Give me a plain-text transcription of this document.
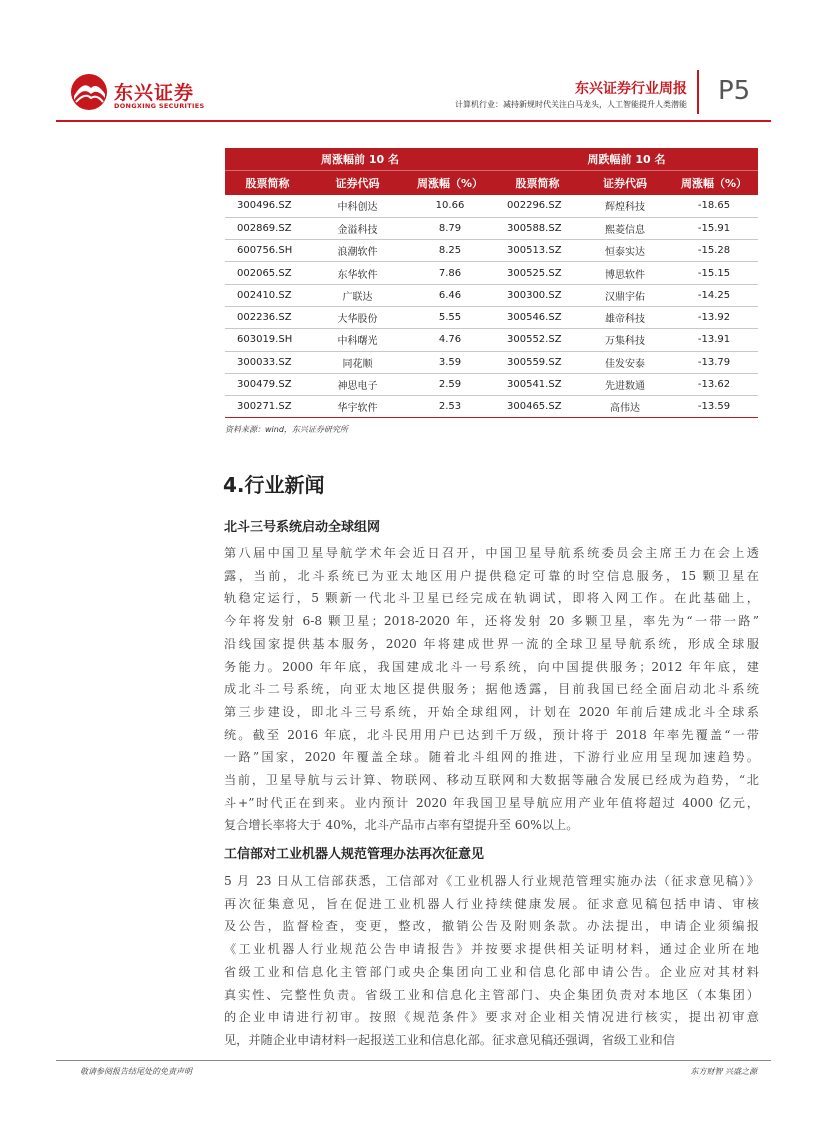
东兴证券
DONGXING SECURITIES
东兴证券行业周报
计算机行业：减持新规时代关注白马龙头，人工智能提升人类潜能 P5
周涨幅前 10 名			周跌幅前 10 名		
股票简称	证券代码	周涨幅（%）	股票简称	证券代码	周涨幅（%）
300496.SZ	中科创达	10.66	002296.SZ	辉煌科技	-18.65
002869.SZ	金溢科技	8.79	300588.SZ	熙菱信息	-15.91
600756.SH	浪潮软件	8.25	300513.SZ	恒泰实达	-15.28
002065.SZ	东华软件	7.86	300525.SZ	博思软件	-15.15
002410.SZ	广联达	6.46	300300.SZ	汉鼎宇佑	-14.25
002236.SZ	大华股份	5.55	300546.SZ	雄帝科技	-13.92
603019.SH	中科曙光	4.76	300552.SZ	万集科技	-13.91
300033.SZ	同花顺	3.59	300559.SZ	佳发安泰	-13.79
300479.SZ	神思电子	2.59	300541.SZ	先进数通	-13.62
300271.SZ	华宇软件	2.53	300465.SZ	高伟达	-13.59
资料来源：wind，东兴证券研究所
4.行业新闻
北斗三号系统启动全球组网
第八届中国卫星导航学术年会近日召开，中国卫星导航系统委员会主席王力在会上透
露，当前，北斗系统已为亚太地区用户提供稳定可靠的时空信息服务，15 颗卫星在
轨稳定运行，5 颗新一代北斗卫星已经完成在轨调试，即将入网工作。在此基础上，
今年将发射 6-8 颗卫星；2018-2020 年，还将发射 20 多颗卫星，率先为“一带一路”
沿线国家提供基本服务，2020 年将建成世界一流的全球卫星导航系统，形成全球服
务能力。2000 年年底，我国建成北斗一号系统，向中国提供服务；2012 年年底，建
成北斗二号系统，向亚太地区提供服务；据他透露，目前我国已经全面启动北斗系统
第三步建设，即北斗三号系统，开始全球组网，计划在 2020 年前后建成北斗全球系
统。截至 2016 年底，北斗民用用户已达到千万级，预计将于 2018 年率先覆盖“一带
一路”国家，2020 年覆盖全球。随着北斗组网的推进，下游行业应用呈现加速趋势。
当前，卫星导航与云计算、物联网、移动互联网和大数据等融合发展已经成为趋势，“北
斗+”时代正在到来。业内预计 2020 年我国卫星导航应用产业年值将超过 4000 亿元，
复合增长率将大于 40%，北斗产品市占率有望提升至 60%以上。
工信部对工业机器人规范管理办法再次征意见
5 月 23 日从工信部获悉，工信部对《工业机器人行业规范管理实施办法（征求意见稿）》
再次征集意见，旨在促进工业机器人行业持续健康发展。征求意见稿包括申请、审核
及公告，监督检查，变更，整改，撤销公告及附则条款。办法提出，申请企业须编报
《工业机器人行业规范公告申请报告》并按要求提供相关证明材料，通过企业所在地
省级工业和信息化主管部门或央企集团向工业和信息化部申请公告。企业应对其材料
真实性、完整性负责。省级工业和信息化主管部门、央企集团负责对本地区（本集团）
的企业申请进行初审。按照《规范条件》要求对企业相关情况进行核实，提出初审意
见，并随企业申请材料一起报送工业和信息化部。征求意见稿还强调，省级工业和信
敬请参阅报告结尾处的免责声明	东方财智 兴盛之源
